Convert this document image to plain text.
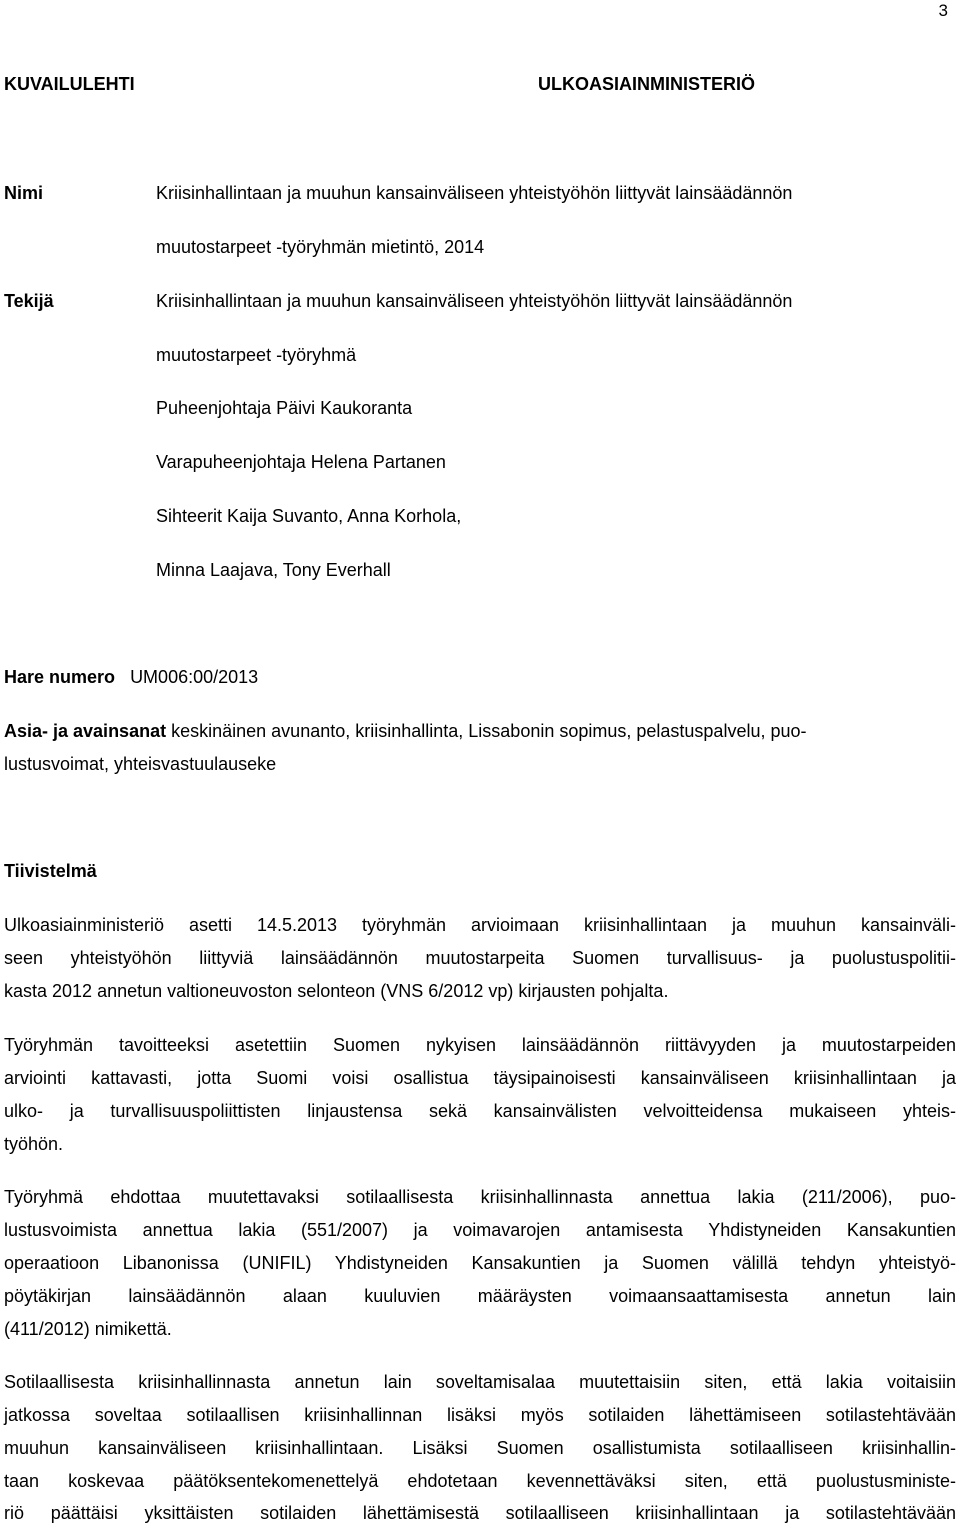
3
KUVAILULEHTI	ULKOASIAINMINISTERIÖ
Nimi	Kriisinhallintaan ja muuhun kansainväliseen yhteistyöhön liittyvät lainsäädännön
muutostarpeet -työryhmän mietintö, 2014
Tekijä	Kriisinhallintaan ja muuhun kansainväliseen yhteistyöhön liittyvät lainsäädännön
muutostarpeet -työryhmä
Puheenjohtaja Päivi Kaukoranta
Varapuheenjohtaja Helena Partanen
Sihteerit Kaija Suvanto, Anna Korhola,
Minna Laajava, Tony Everhall
Hare numero UM006:00/2013
Asia- ja avainsanat keskinäinen avunanto, kriisinhallinta, Lissabonin sopimus, pelastuspalvelu, puo-
lustusvoimat, yhteisvastuulauseke
Tiivistelmä
Ulkoasiainministeriö asetti 14.5.2013 työryhmän arvioimaan kriisinhallintaan ja muuhun kansainväli-
seen yhteistyöhön liittyviä lainsäädännön muutostarpeita Suomen turvallisuus- ja puolustuspolitii-
kasta 2012 annetun valtioneuvoston selonteon (VNS 6/2012 vp) kirjausten pohjalta.
Työryhmän tavoitteeksi asetettiin Suomen nykyisen lainsäädännön riittävyyden ja muutostarpeiden
arviointi kattavasti, jotta Suomi voisi osallistua täysipainoisesti kansainväliseen kriisinhallintaan ja
ulko- ja turvallisuuspoliittisten linjaustensa sekä kansainvälisten velvoitteidensa mukaiseen yhteis-
työhön.
Työryhmä ehdottaa muutettavaksi sotilaallisesta kriisinhallinnasta annettua lakia (211/2006), puo-
lustusvoimista annettua lakia (551/2007) ja voimavarojen antamisesta Yhdistyneiden Kansakuntien
operaatioon Libanonissa (UNIFIL) Yhdistyneiden Kansakuntien ja Suomen välillä tehdyn yhteistyö-
pöytäkirjan lainsäädännön alaan kuuluvien määräysten voimaansaattamisesta annetun lain
(411/2012) nimikettä.
Sotilaallisesta kriisinhallinnasta annetun lain soveltamisalaa muutettaisiin siten, että lakia voitaisiin
jatkossa soveltaa sotilaallisen kriisinhallinnan lisäksi myös sotilaiden lähettämiseen sotilastehtävään
muuhun kansainväliseen kriisinhallintaan. Lisäksi Suomen osallistumista sotilaalliseen kriisinhallin-
taan koskevaa päätöksentekomenettelyä ehdotetaan kevennettäväksi siten, että puolustusministe-
riö päättäisi yksittäisten sotilaiden lähettämisestä sotilaalliseen kriisinhallintaan ja sotilastehtävään
